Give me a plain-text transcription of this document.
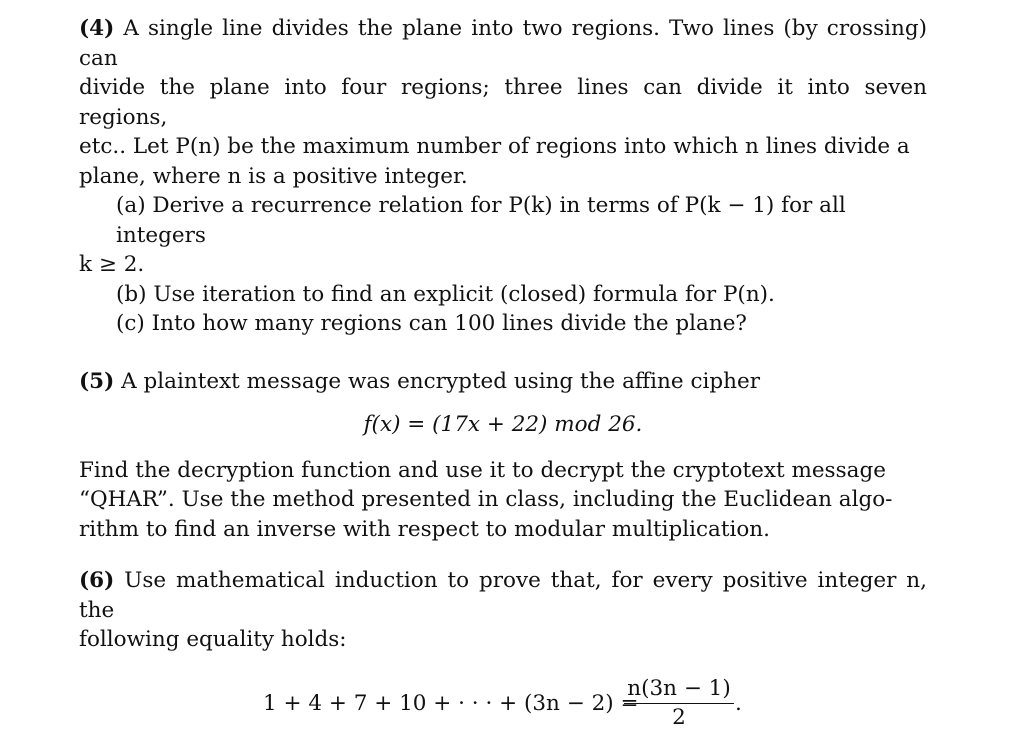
(4) A single line divides the plane into two regions. Two lines (by crossing) can
divide the plane into four regions; three lines can divide it into seven regions,
etc.. Let P(n) be the maximum number of regions into which n lines divide a
plane, where n is a positive integer.
(a) Derive a recurrence relation for P(k) in terms of P(k − 1) for all integers
k ≥ 2.
(b) Use iteration to find an explicit (closed) formula for P(n).
(c) Into how many regions can 100 lines divide the plane?
(5) A plaintext message was encrypted using the affine cipher
f(x) = (17x + 22) mod 26.
Find the decryption function and use it to decrypt the cryptotext message
“QHAR”. Use the method presented in class, including the Euclidean algo-
rithm to find an inverse with respect to modular multiplication.
(6) Use mathematical induction to prove that, for every positive integer n, the
following equality holds:
1 + 4 + 7 + 10 + · · · + (3n − 2) =
$\frac{n(3n - 1)}{2}$ .
